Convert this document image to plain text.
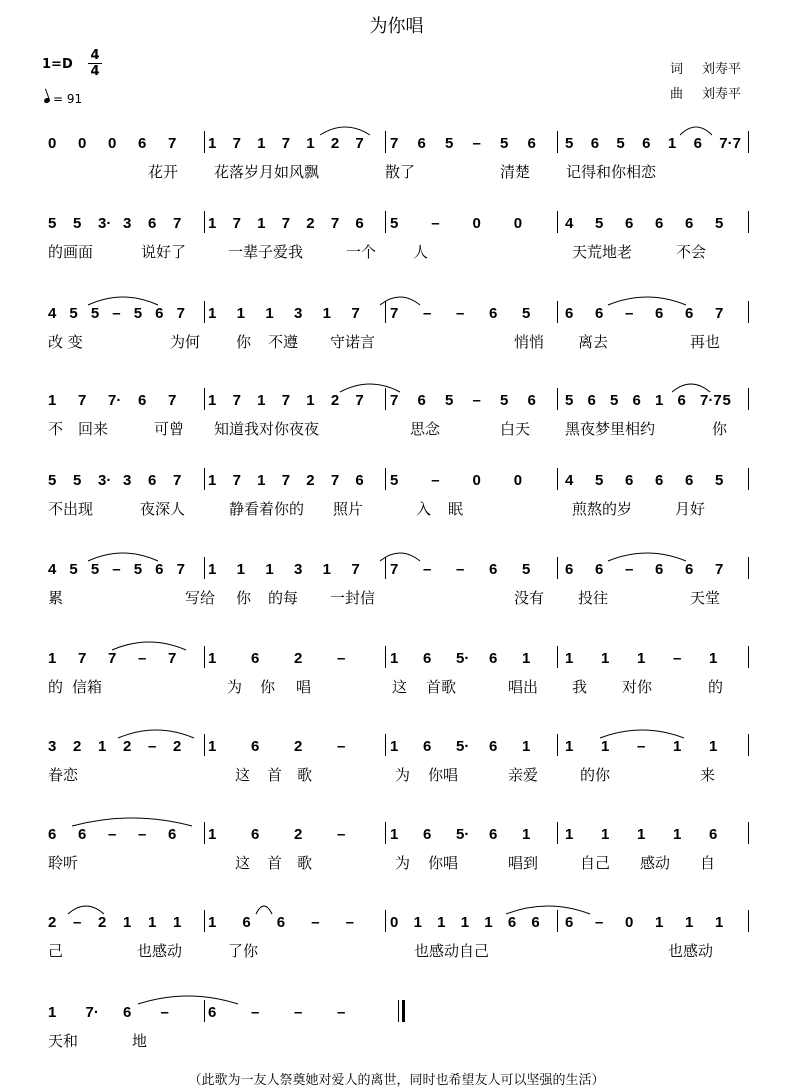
为你唱
1=D
4
4
= 91
词 刘寿平
曲 刘寿平
0 0 0 6 7 1 7 1 7 1 2 7 7 6 5 – 5 6 5 6 5 6 1 6 7·7
花开 花落岁月如风飘	散了	清楚 记得和你相恋
5 5 3· 3 6 7 1 7 1 7 2 7 6 5 – 0 0	4 5 6 6 6 5
的画面	说好了	一辈子爱我	一个 人	天荒地老	不会
4 5 5 – 5 6 7 1 1 1 3 1 7 7 – – 6 5 6 6 – 6 6 7
改 变	为何 你 不遵 守诺言	悄悄 离去	再也
1 7 7· 6 7 1 7 1 7 1 2 7 7 6 5 – 5 6 5 6 5 6 1 6 7·7 5
不 回来	可曾 知道我对你夜夜	思念	白天 黑夜梦里相约	你
5 5 3· 3 6 7 1 7 1 7 2 7 6 5 – 0 0	4 5 6 6 6 5
不出现	夜深人	静看着你的 照片	入 眠	煎熬的岁	月好
4 5 5 – 5 6 7 1 1 1 3 1 7 7 – – 6 5 6 6 – 6 6 7
累	写给 你 的每 一封信	没有 投往	天堂
1 7 7 – 7 1 6 2 –	1 6 5· 6 1 1 1 1 – 1
的 信箱	为 你 唱	这 首歌	唱出 我 对你	的
3 2 1 2 – 2 1 6 2 –	1 6 5· 6 1 1 1 – 1 1
眷恋	这 首 歌	为 你唱	亲爱	的你	来
6 6 – – 6 1 6 2 –	1 6 5· 6 1 1 1 1 1 6
聆听	这 首 歌	为 你唱	唱到	自己 感动 自
2 – 2 1 1 1 1 6 6 – – 0 1 1 1 1 6 6 6 – 0 1 1 1
己	也感动	了你	也感动自己	也感动
1 7· 6 –	6 – – –
天和	地
（此歌为一友人祭奠她对爱人的离世，同时也希望友人可以坚强的生活）
